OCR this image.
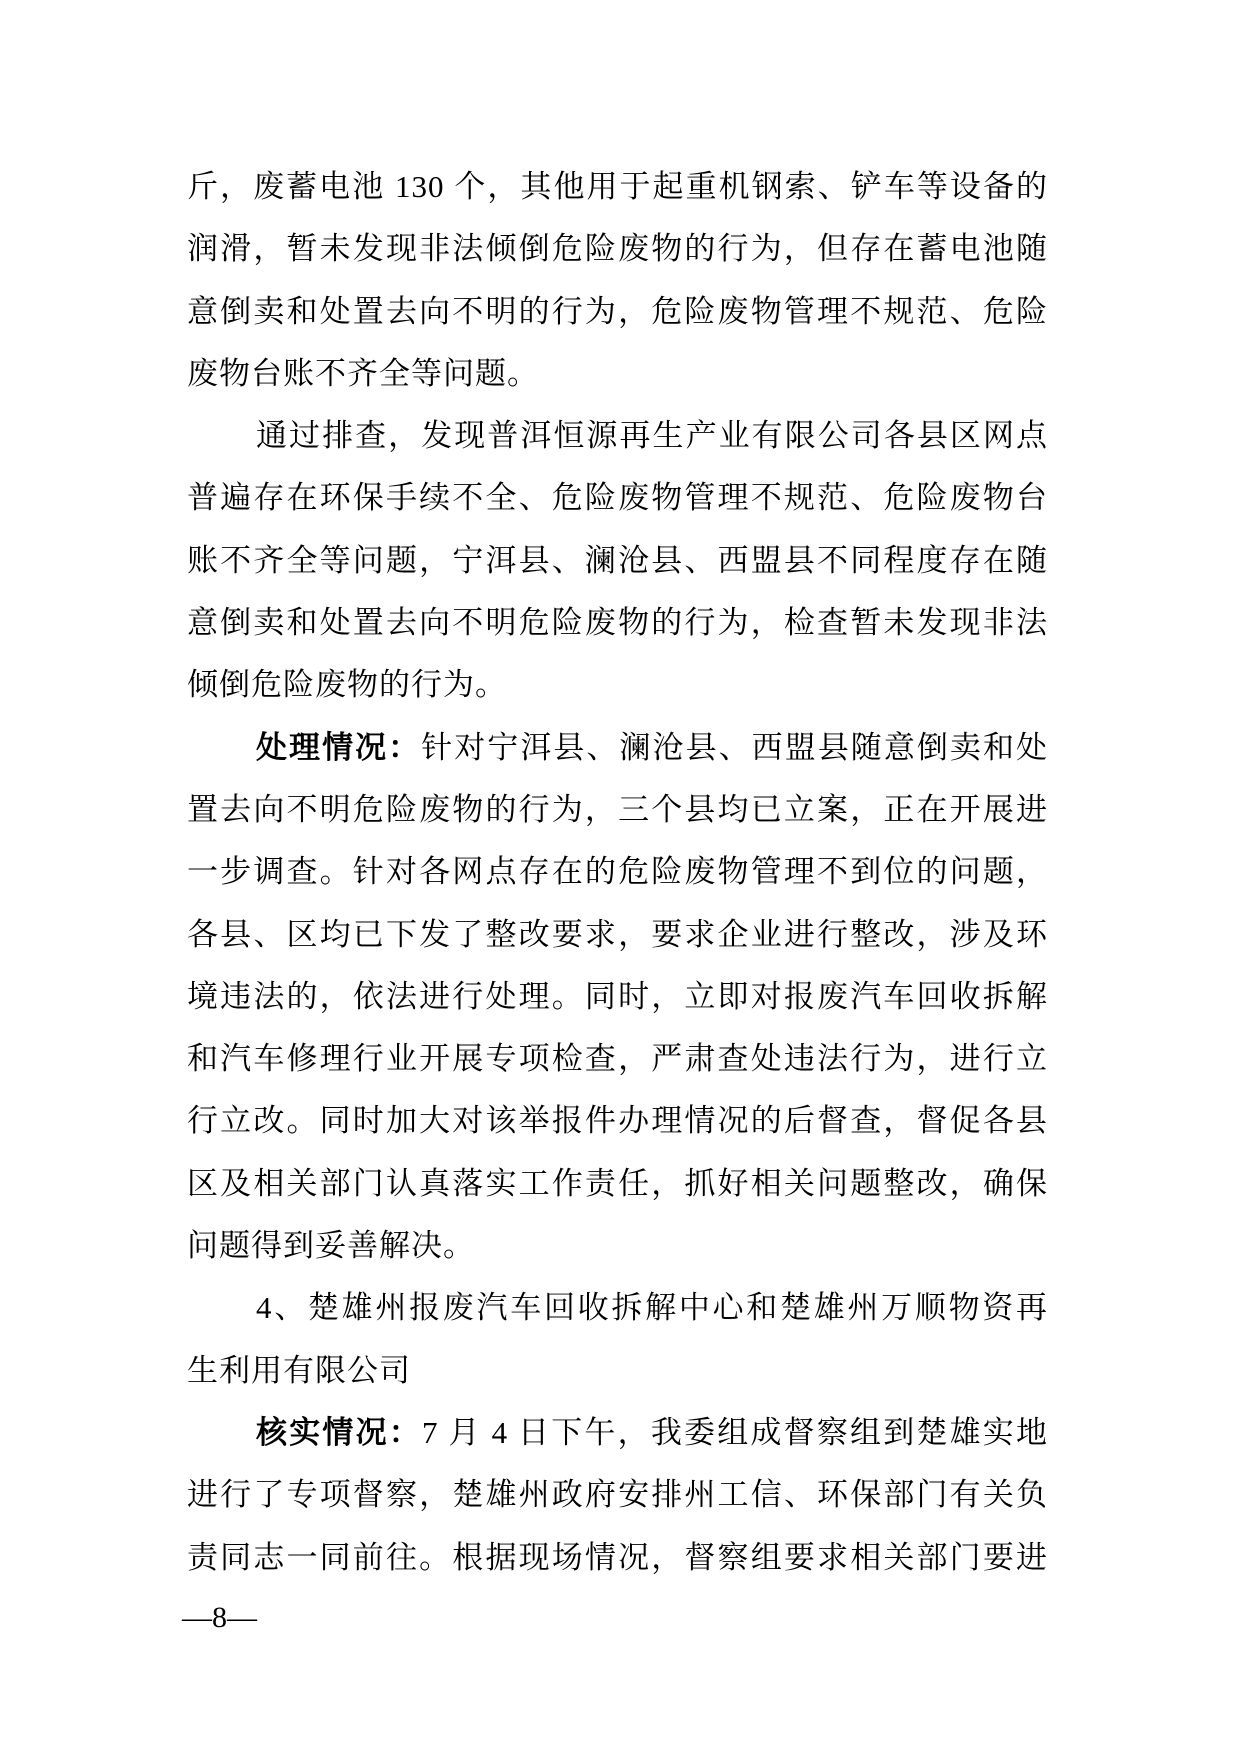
斤，废蓄电池 130 个，其他用于起重机钢索、铲车等设备的
润滑，暂未发现非法倾倒危险废物的行为，但存在蓄电池随
意倒卖和处置去向不明的行为，危险废物管理不规范、危险
废物台账不齐全等问题。
通过排查，发现普洱恒源再生产业有限公司各县区网点
普遍存在环保手续不全、危险废物管理不规范、危险废物台
账不齐全等问题，宁洱县、澜沧县、西盟县不同程度存在随
意倒卖和处置去向不明危险废物的行为，检查暂未发现非法
倾倒危险废物的行为。
处理情况：针对宁洱县、澜沧县、西盟县随意倒卖和处
置去向不明危险废物的行为，三个县均已立案，正在开展进
一步调查。针对各网点存在的危险废物管理不到位的问题，
各县、区均已下发了整改要求，要求企业进行整改，涉及环
境违法的，依法进行处理。同时，立即对报废汽车回收拆解
和汽车修理行业开展专项检查，严肃查处违法行为，进行立
行立改。同时加大对该举报件办理情况的后督查，督促各县
区及相关部门认真落实工作责任，抓好相关问题整改，确保
问题得到妥善解决。
4、楚雄州报废汽车回收拆解中心和楚雄州万顺物资再
生利用有限公司
核实情况：7 月 4 日下午，我委组成督察组到楚雄实地
进行了专项督察，楚雄州政府安排州工信、环保部门有关负
责同志一同前往。根据现场情况，督察组要求相关部门要进
—8—
